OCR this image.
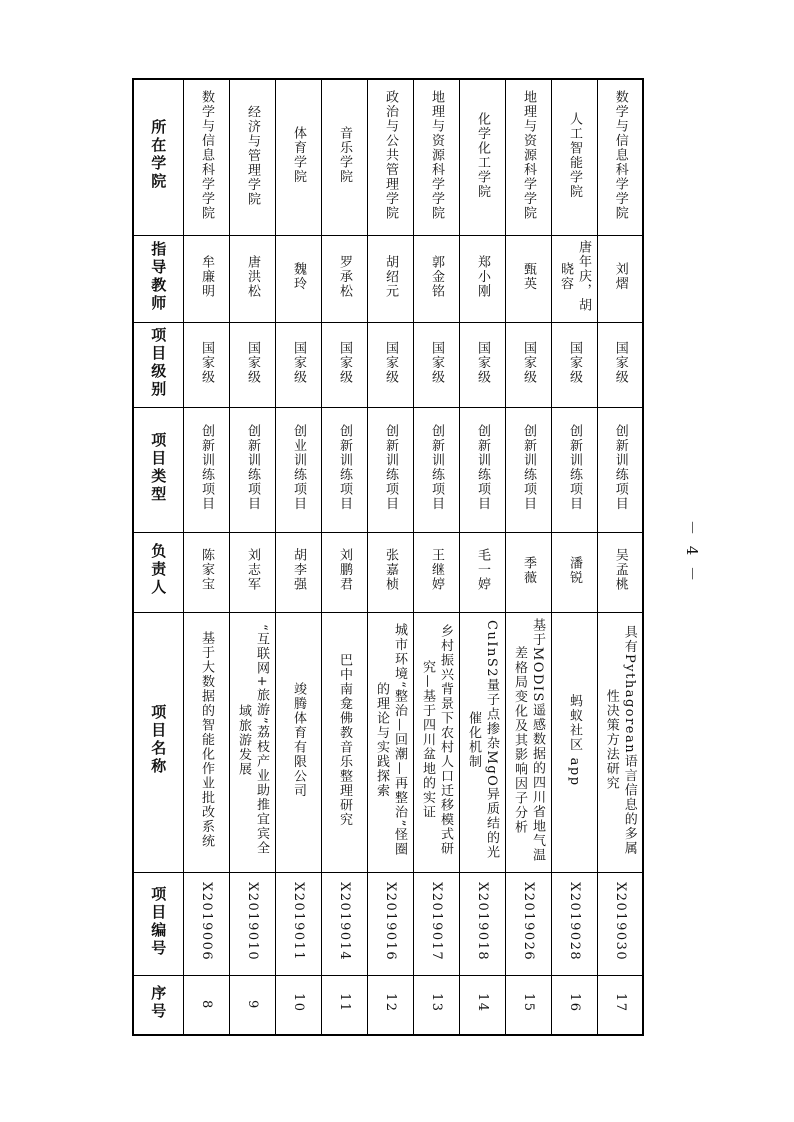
所在学院	数学与信息科学学院	经济与管理学院	体育学院	音乐学院	政治与公共管理学院	地理与资源科学学院	化学化工学院	地理与资源科学学院	人工智能学院	数学与信息科学学院
指导教师	牟廉明	唐洪松	魏玲	罗承松	胡绍元	郭金铭	郑小刚	甄英	唐年庆，胡晓容	刘熠
项目级别	国家级	国家级	国家级	国家级	国家级	国家级	国家级	国家级	国家级	国家级
项目类型	创新训练项目	创新训练项目	创业训练项目	创新训练项目	创新训练项目	创新训练项目	创新训练项目	创新训练项目	创新训练项目	创新训练项目
负责人	陈家宝	刘志军	胡李强	刘鹏君	张嘉桢	王继婷	毛一婷	季薇	潘锐	吴孟桃
项目名称	基于大数据的智能化作业批改系统	“互联网+旅游”荔枝产业助推宜宾全域旅游发展	竣腾体育有限公司	巴中南龛佛教音乐整理研究	城市环境“整治—回潮—再整治”怪圈的理论与实践探索	乡村振兴背景下农村人口迁移模式研究—基于四川盆地的实证	CuInS2量子点掺杂MgO异质结的光催化机制	基于MODIS遥感数据的四川省地气温差格局变化及其影响因子分析	蚂蚁社区 app	具有Pythagorean语言信息的多属性决策方法研究
项目编号	X2019006	X2019010	X2019011	X2019014	X2019016	X2019017	X2019018	X2019026	X2019028	X2019030
序号	8	9	10	11	12	13	14	15	16	17
－ 4 －
